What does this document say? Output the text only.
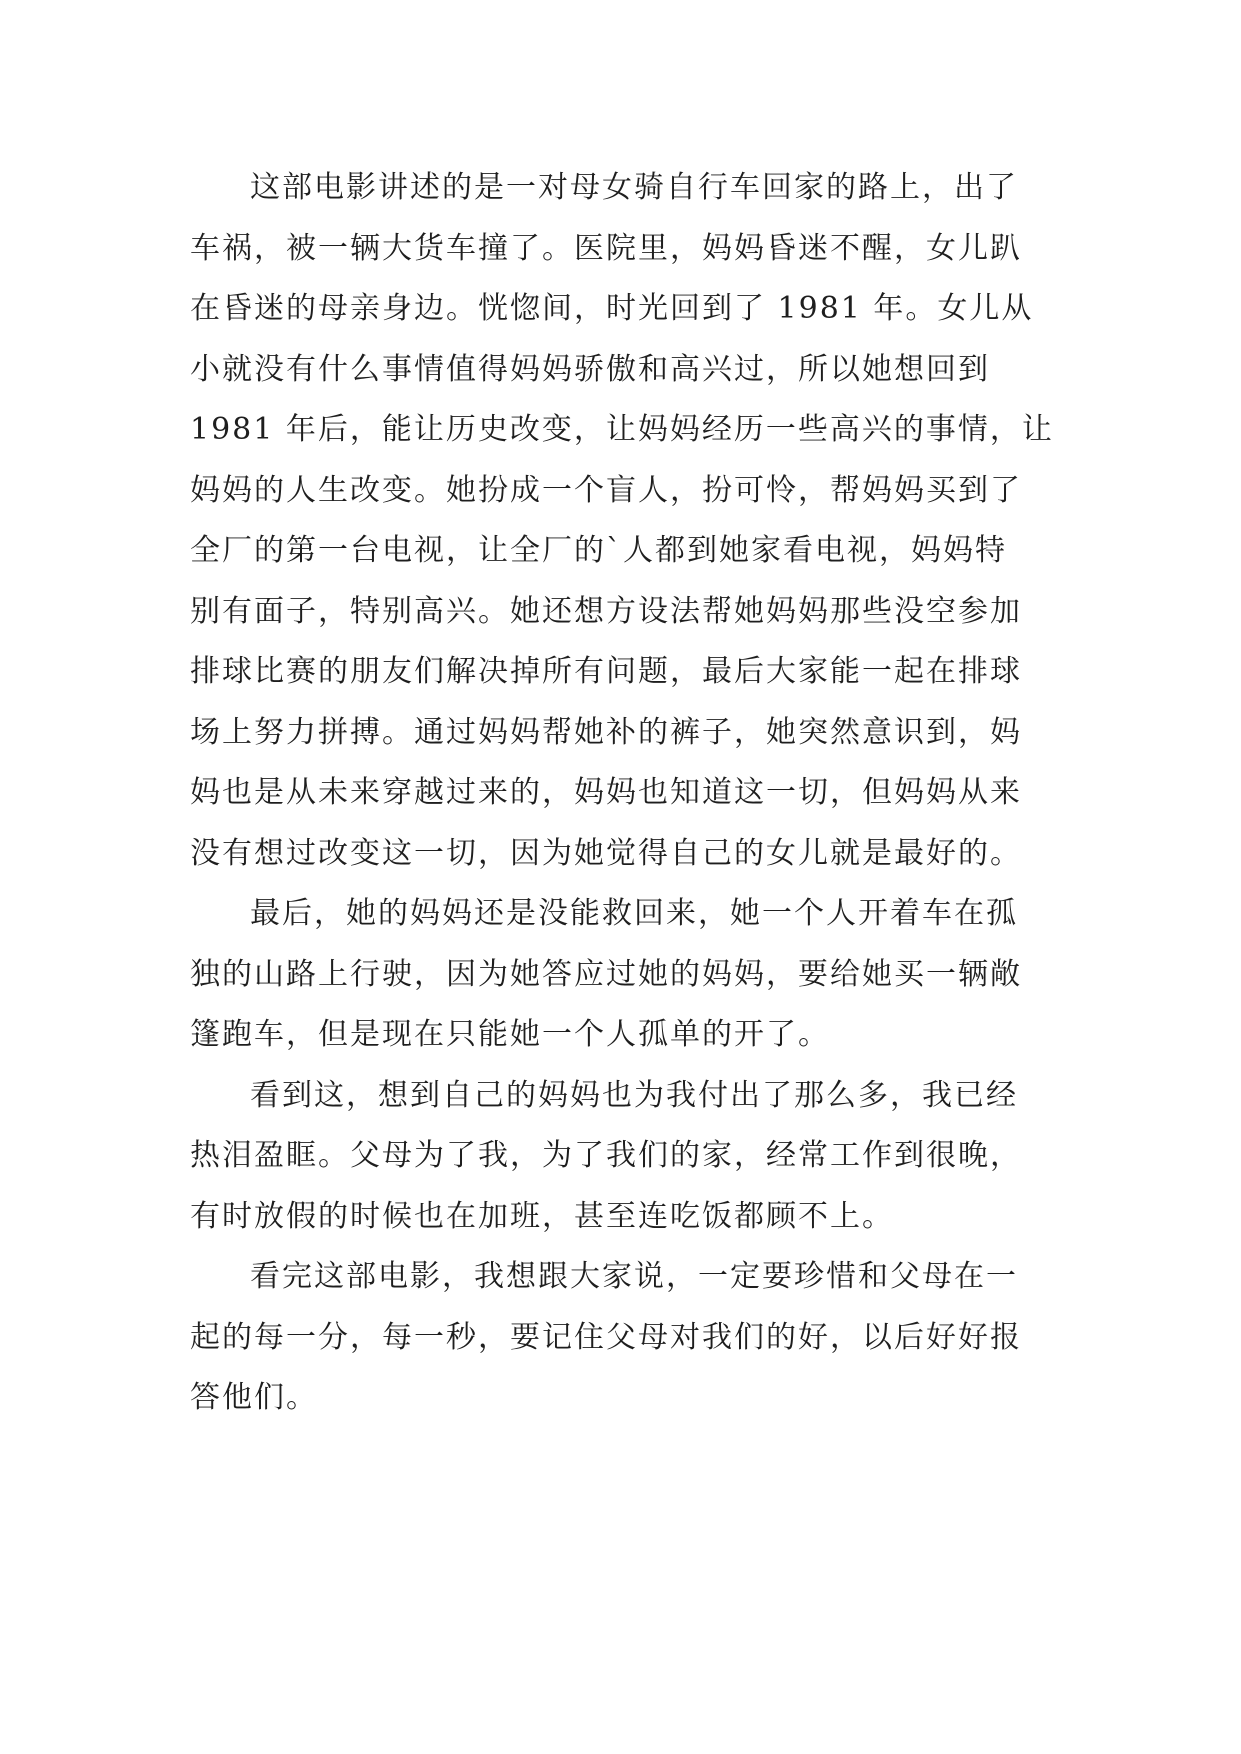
这部电影讲述的是一对母女骑自行车回家的路上，出了
车祸，被一辆大货车撞了。医院里，妈妈昏迷不醒，女儿趴
在昏迷的母亲身边。恍惚间，时光回到了 1981 年。女儿从
小就没有什么事情值得妈妈骄傲和高兴过，所以她想回到
1981 年后，能让历史改变，让妈妈经历一些高兴的事情，让
妈妈的人生改变。她扮成一个盲人，扮可怜，帮妈妈买到了
全厂的第一台电视，让全厂的`人都到她家看电视，妈妈特
别有面子，特别高兴。她还想方设法帮她妈妈那些没空参加
排球比赛的朋友们解决掉所有问题，最后大家能一起在排球
场上努力拼搏。通过妈妈帮她补的裤子，她突然意识到，妈
妈也是从未来穿越过来的，妈妈也知道这一切，但妈妈从来
没有想过改变这一切，因为她觉得自己的女儿就是最好的。

最后，她的妈妈还是没能救回来，她一个人开着车在孤
独的山路上行驶，因为她答应过她的妈妈，要给她买一辆敞
篷跑车，但是现在只能她一个人孤单的开了。

看到这，想到自己的妈妈也为我付出了那么多，我已经
热泪盈眶。父母为了我，为了我们的家，经常工作到很晚，
有时放假的时候也在加班，甚至连吃饭都顾不上。

看完这部电影，我想跟大家说，一定要珍惜和父母在一
起的每一分，每一秒，要记住父母对我们的好，以后好好报
答他们。
